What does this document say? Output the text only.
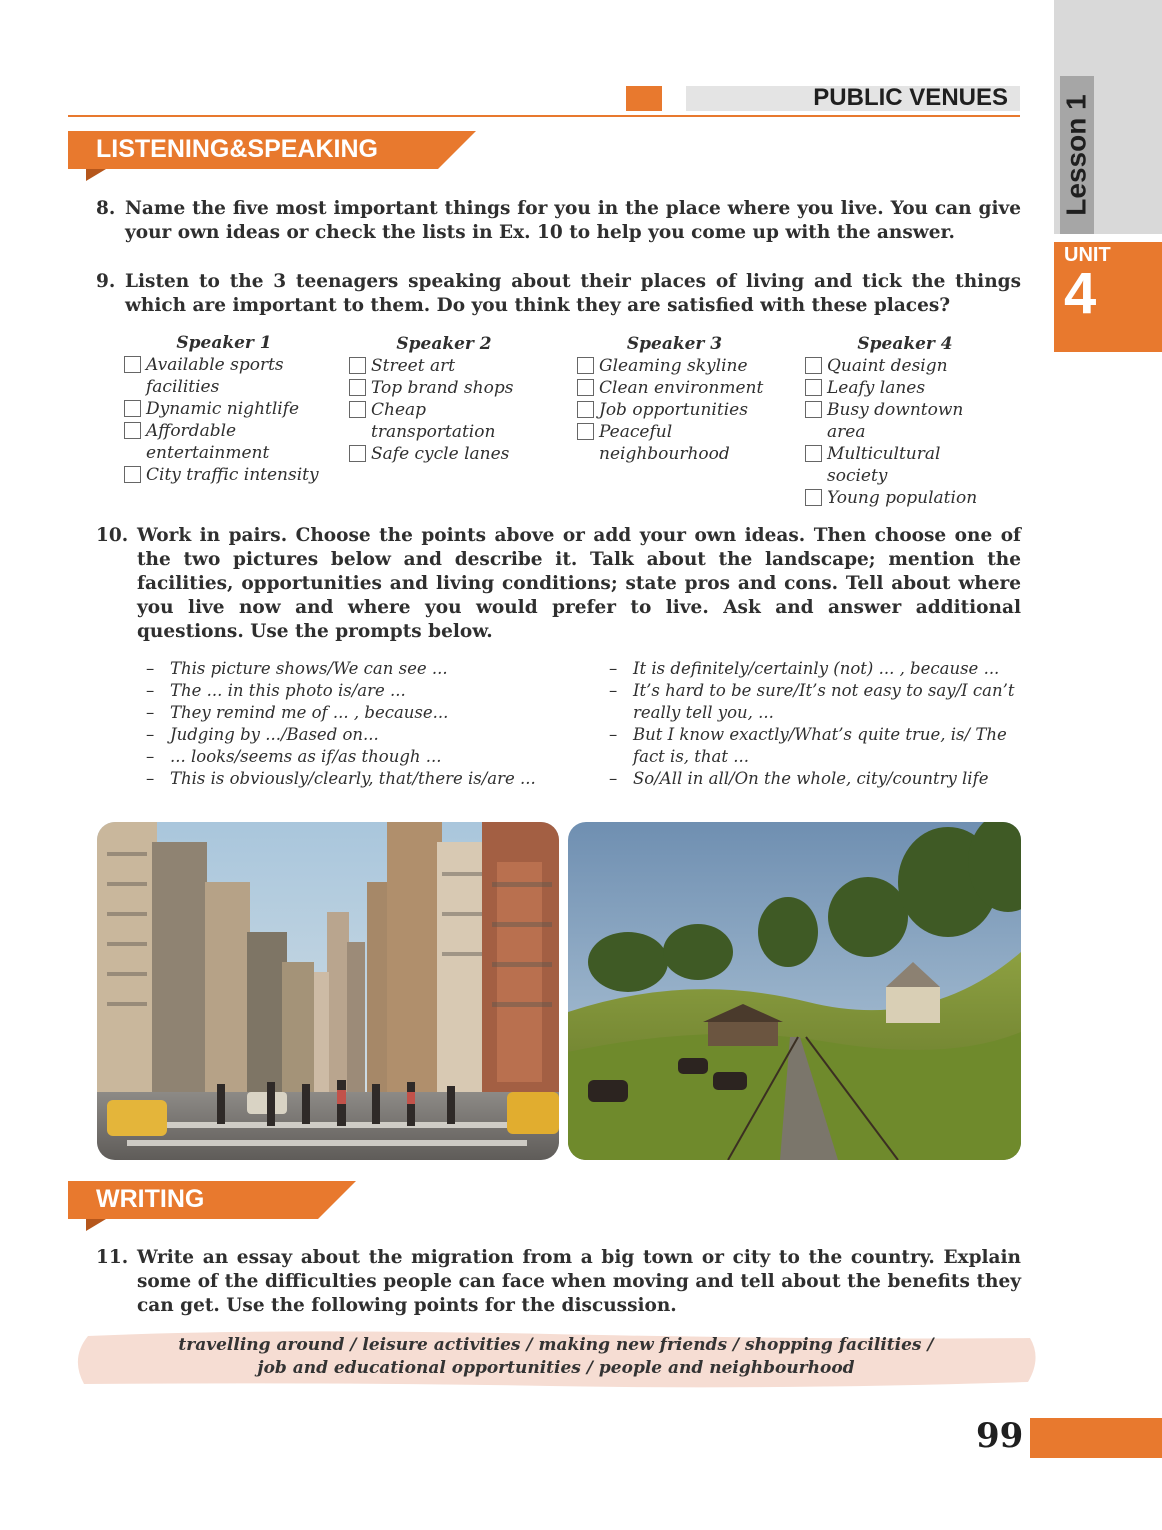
PUBLIC VENUES Lesson 1
UNIT
4
LISTENING&SPEAKING
8. Name the five most important things for you in the place where you live. You can give your own ideas or check the lists in Ex. 10 to help you come up with the answer.
9. Listen to the 3 teenagers speaking about their places of living and tick the things which are important to them. Do you think they are satisfied with these places?
Speaker 1
Available sports facilities
Dynamic nightlife
Affordable entertainment
City traffic intensity
Speaker 2
Street art
Top brand shops
Cheap transportation
Safe cycle lanes
Speaker 3
Gleaming skyline
Clean environment
Job opportunities
Peaceful neighbourhood
Speaker 4
Quaint design
Leafy lanes
Busy downtown area
Multicultural society
Young population
10. Work in pairs. Choose the points above or add your own ideas. Then choose one of the two pictures below and describe it. Talk about the landscape; mention the facilities, opportunities and living conditions; state pros and cons. Tell about where you live now and where you would prefer to live. Ask and answer additional questions. Use the prompts below.
– This picture shows/We can see ...
– The ... in this photo is/are ...
– They remind me of ... , because...
– Judging by .../Based on...
– ... looks/seems as if/as though ...
– This is obviously/clearly, that/there is/are ...
– It is definitely/certainly (not) ... , because ...
– It’s hard to be sure/It’s not easy to say/I can’t really tell you, ...
– But I know exactly/What’s quite true, is/ The fact is, that ...
– So/All in all/On the whole, city/country life
WRITING
11. Write an essay about the migration from a big town or city to the country. Explain some of the difficulties people can face when moving and tell about the benefits they can get. Use the following points for the discussion.
travelling around / leisure activities / making new friends / shopping facilities /
job and educational opportunities / people and neighbourhood
99
